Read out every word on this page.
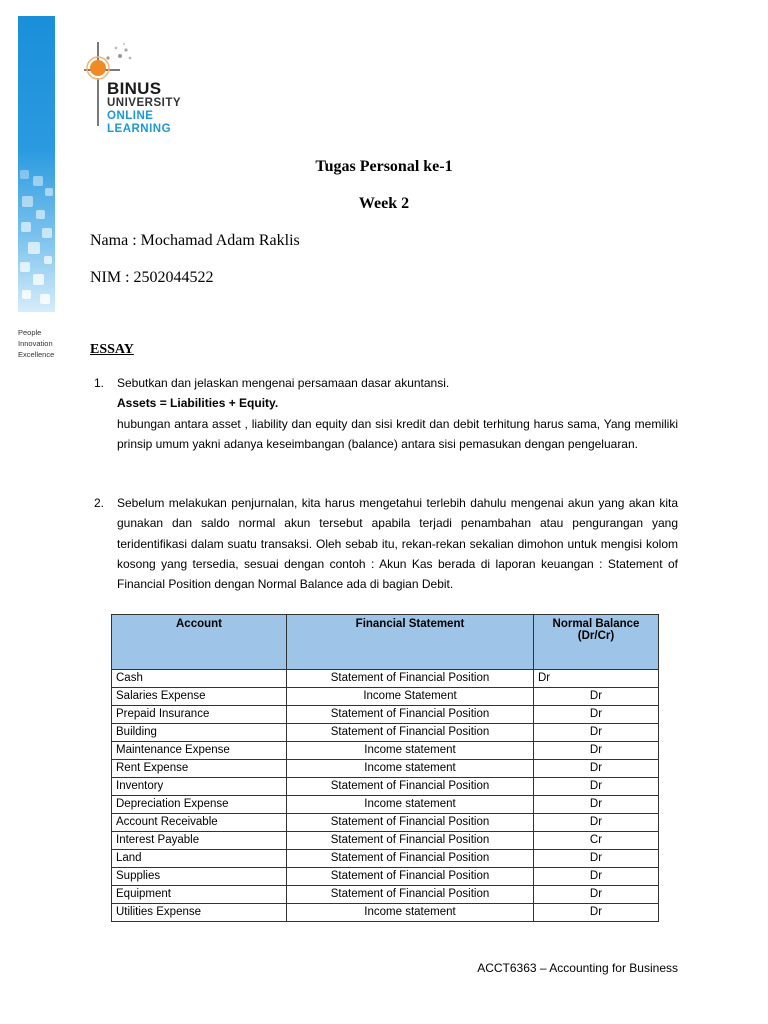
People
Innovation
Excellence
BINUS
UNIVERSITY
ONLINE
LEARNING
Tugas Personal ke-1
Week 2
Nama : Mochamad Adam Raklis
NIM : 2502044522
ESSAY
1. Sebutkan dan jelaskan mengenai persamaan dasar akuntansi.
Assets = Liabilities + Equity.
hubungan antara asset , liability dan equity dan sisi kredit dan debit terhitung harus sama, Yang memiliki prinsip umum yakni adanya keseimbangan (balance) antara sisi pemasukan dengan pengeluaran.
2. Sebelum melakukan penjurnalan, kita harus mengetahui terlebih dahulu mengenai akun yang akan kita gunakan dan saldo normal akun tersebut apabila terjadi penambahan atau pengurangan yang teridentifikasi dalam suatu transaksi. Oleh sebab itu, rekan-rekan sekalian dimohon untuk mengisi kolom kosong yang tersedia, sesuai dengan contoh : Akun Kas berada di laporan keuangan : Statement of Financial Position dengan Normal Balance ada di bagian Debit.
Account	Financial Statement	Normal Balance (Dr/Cr)
Cash	Statement of Financial Position	Dr
Salaries Expense	Income Statement	Dr
Prepaid Insurance	Statement of Financial Position	Dr
Building	Statement of Financial Position	Dr
Maintenance Expense	Income statement	Dr
Rent Expense	Income statement	Dr
Inventory	Statement of Financial Position	Dr
Depreciation Expense	Income statement	Dr
Account Receivable	Statement of Financial Position	Dr
Interest Payable	Statement of Financial Position	Cr
Land	Statement of Financial Position	Dr
Supplies	Statement of Financial Position	Dr
Equipment	Statement of Financial Position	Dr
Utilities Expense	Income statement	Dr
ACCT6363 – Accounting for Business
